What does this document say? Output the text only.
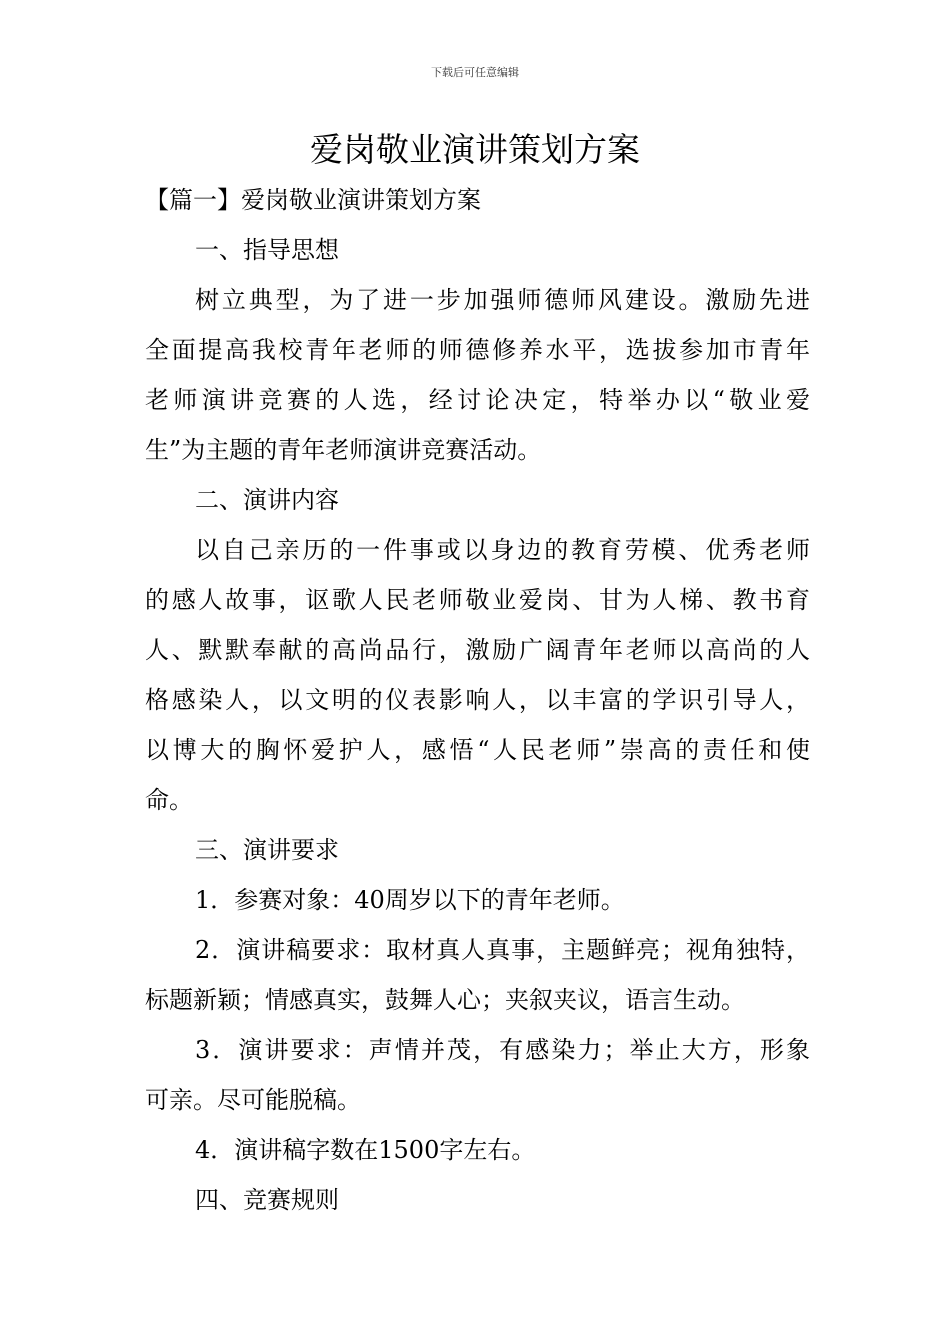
下载后可任意编辑
爱岗敬业演讲策划方案

【篇一】爱岗敬业演讲策划方案

一、指导思想

树立典型，为了进一步加强师德师风建设。激励先进

全面提高我校青年老师的师德修养水平，选拔参加市青年

老师演讲竞赛的人选，经讨论决定，特举办以“敬业爱

生”为主题的青年老师演讲竞赛活动。

二、演讲内容

以自己亲历的一件事或以身边的教育劳模、优秀老师

的感人故事，讴歌人民老师敬业爱岗、甘为人梯、教书育

人、默默奉献的高尚品行，激励广阔青年老师以高尚的人

格感染人，以文明的仪表影响人，以丰富的学识引导人，

以博大的胸怀爱护人，感悟“人民老师”崇高的责任和使

命。

三、演讲要求

1．参赛对象：40周岁以下的青年老师。

2．演讲稿要求：取材真人真事，主题鲜亮；视角独特，

标题新颖；情感真实，鼓舞人心；夹叙夹议，语言生动。

3．演讲要求：声情并茂，有感染力；举止大方，形象

可亲。尽可能脱稿。

4．演讲稿字数在1500字左右。

四、竞赛规则
